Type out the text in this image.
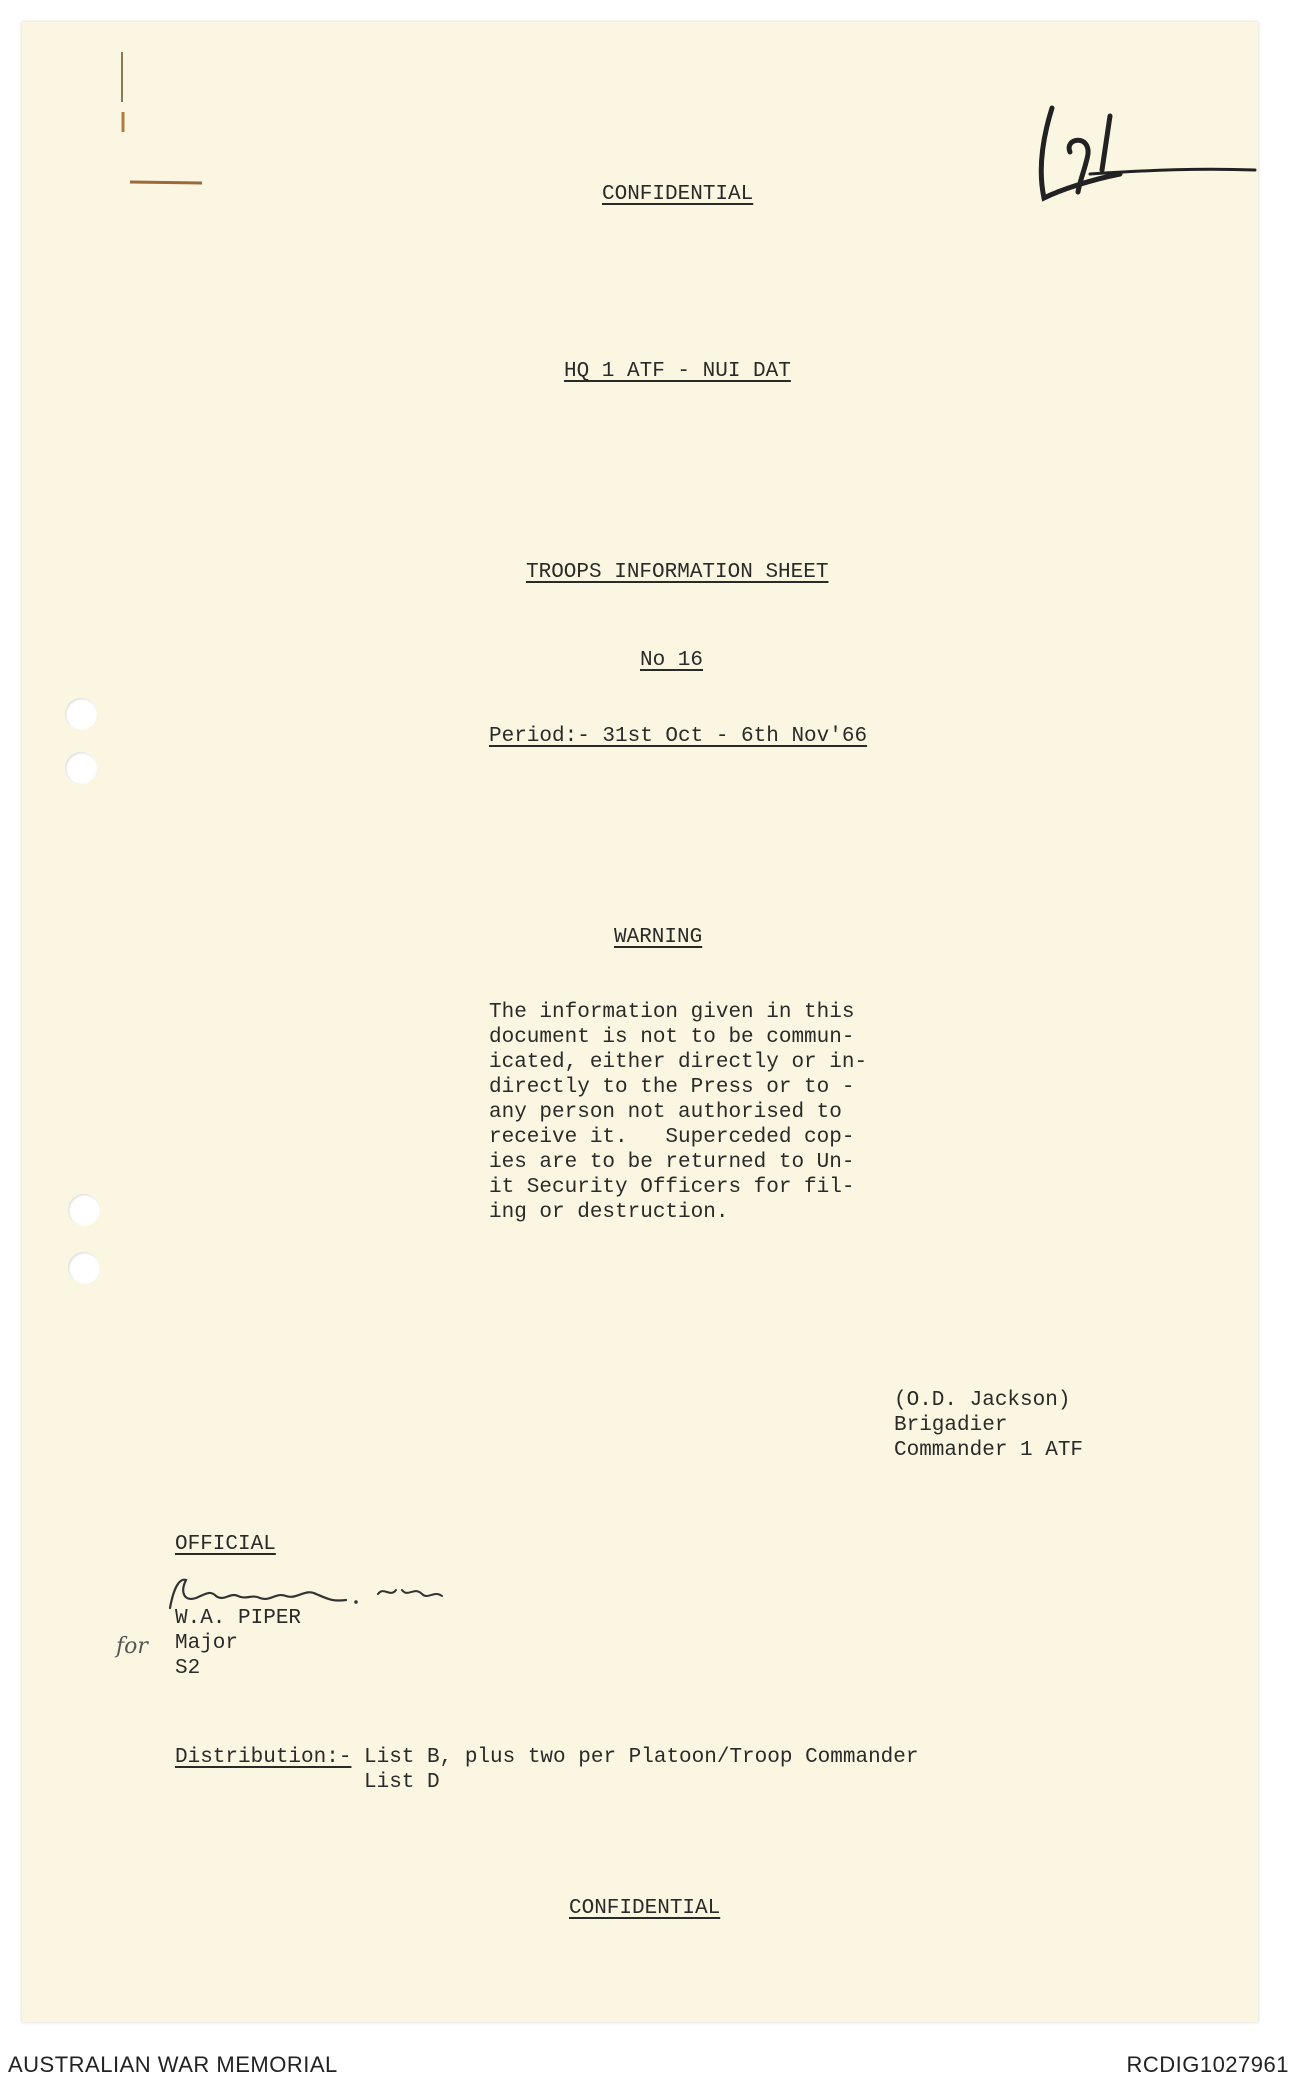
CONFIDENTIAL
HQ 1 ATF - NUI DAT
TROOPS INFORMATION SHEET
No 16
Period:- 31st Oct - 6th Nov'66
WARNING
The information given in this
document is not to be commun-
icated, either directly or in-
directly to the Press or to -
any person not authorised to
receive it.   Superceded cop-
ies are to be returned to Un-
it Security Officers for fil-
ing or destruction.
(O.D. Jackson)
Brigadier
Commander 1 ATF
OFFICIAL
for
W.A. PIPER
Major
S2
Distribution:- List B, plus two per Platoon/Troop Commander
List D
CONFIDENTIAL
AUSTRALIAN WAR MEMORIAL	RCDIG1027961
